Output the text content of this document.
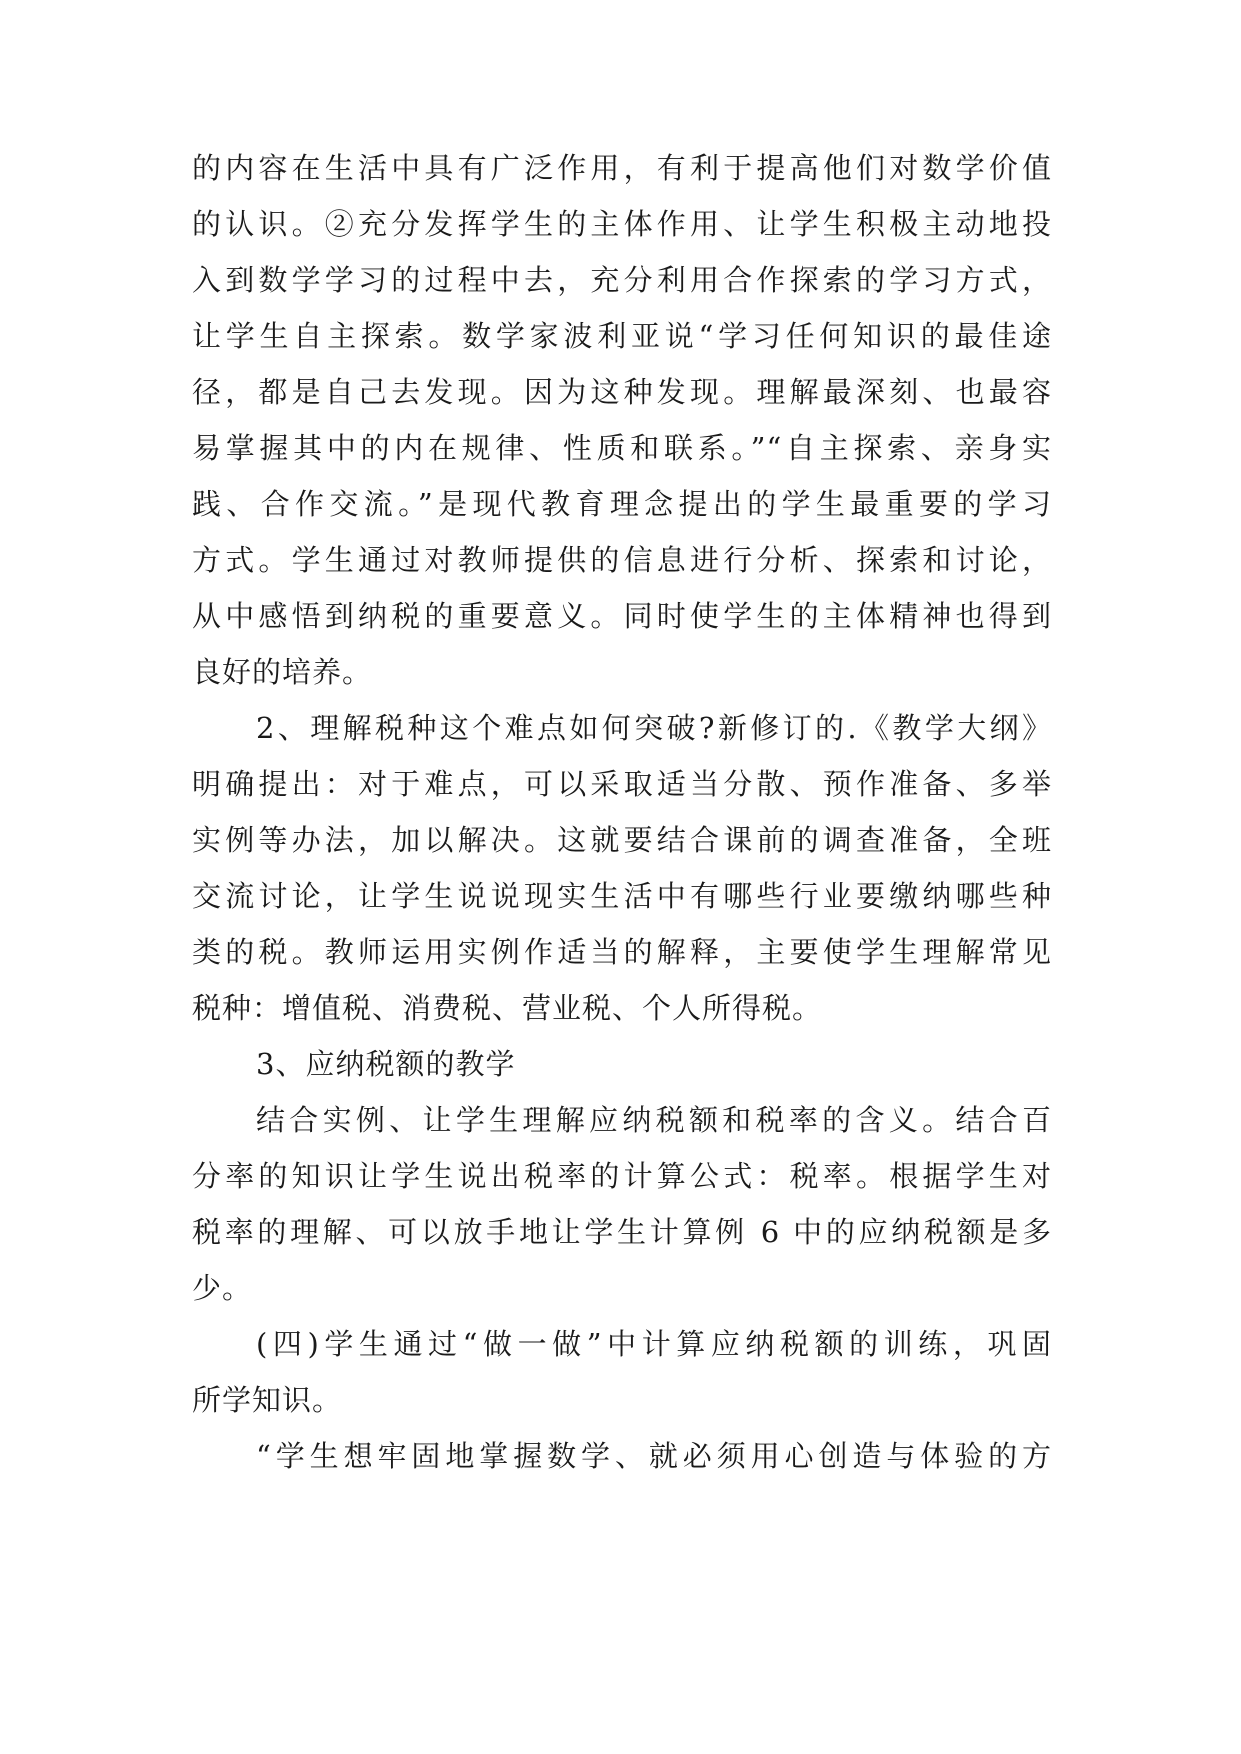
的内容在生活中具有广泛作用，有利于提高他们对数学价值
的认识。②充分发挥学生的主体作用、让学生积极主动地投
入到数学学习的过程中去，充分利用合作探索的学习方式，
让学生自主探索。数学家波利亚说“学习任何知识的最佳途
径，都是自己去发现。因为这种发现。理解最深刻、也最容
易掌握其中的内在规律、性质和联系。”“自主探索、亲身实
践、合作交流。”是现代教育理念提出的学生最重要的学习
方式。学生通过对教师提供的信息进行分析、探索和讨论，
从中感悟到纳税的重要意义。同时使学生的主体精神也得到
良好的培养。
2、理解税种这个难点如何突破?新修订的.《教学大纲》
明确提出：对于难点，可以采取适当分散、预作准备、多举
实例等办法，加以解决。这就要结合课前的调查准备，全班
交流讨论，让学生说说现实生活中有哪些行业要缴纳哪些种
类的税。教师运用实例作适当的解释，主要使学生理解常见
税种：增值税、消费税、营业税、个人所得税。
3、应纳税额的教学
结合实例、让学生理解应纳税额和税率的含义。结合百
分率的知识让学生说出税率的计算公式：税率。根据学生对
税率的理解、可以放手地让学生计算例 6 中的应纳税额是多
少。
(四)学生通过“做一做”中计算应纳税额的训练，巩固
所学知识。
“学生想牢固地掌握数学、就必须用心创造与体验的方
